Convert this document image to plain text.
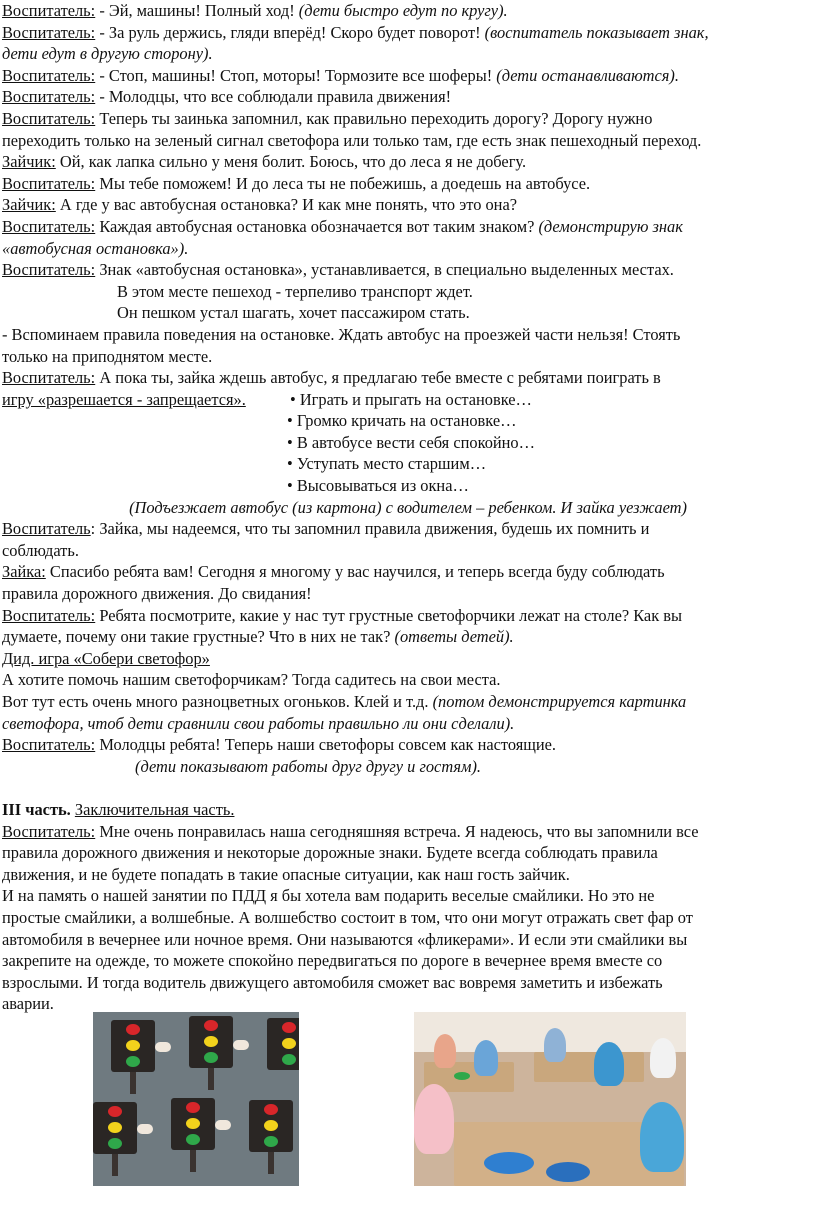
Воспитатель: - Эй, машины! Полный ход! (дети быстро едут по кругу).

Воспитатель: - За руль держись, гляди вперёд! Скоро будет поворот! (воспитатель показывает знак,

дети едут в другую сторону).

Воспитатель: - Стоп, машины! Стоп, моторы! Тормозите все шоферы! (дети останавливаются).

Воспитатель: - Молодцы, что все соблюдали правила движения!

Воспитатель: Теперь ты заинька запомнил, как правильно переходить дорогу? Дорогу нужно

переходить только на зеленый сигнал светофора или только там, где есть знак пешеходный переход.

Зайчик: Ой, как лапка сильно у меня болит. Боюсь, что до леса я не добегу.

Воспитатель: Мы тебе поможем! И до леса ты не побежишь, а доедешь на автобусе.

Зайчик: А где у вас автобусная остановка? И как мне понять, что это она?

Воспитатель: Каждая автобусная остановка обозначается вот таким знаком? (демонстрирую знак

«автобусная остановка»).

Воспитатель: Знак «автобусная остановка», устанавливается, в специально выделенных местах.

В этом месте пешеход - терпеливо транспорт ждет.

Он пешком устал шагать, хочет пассажиром стать.

- Вспоминаем правила поведения на остановке. Ждать автобус на проезжей части нельзя! Стоять

только на приподнятом месте.

Воспитатель: А пока ты, зайка ждешь автобус, я предлагаю тебе вместе с ребятами поиграть в

игру «разрешается - запрещается».	• Играть и прыгать на остановке…

• Громко кричать на остановке…

• В автобусе вести себя спокойно…

• Уступать место старшим…

• Высовываться из окна…

(Подъезжает автобус (из картона) с водителем – ребенком. И зайка уезжает)

Воспитатель: Зайка, мы надеемся, что ты запомнил правила движения, будешь их помнить и

соблюдать.

Зайка: Спасибо ребята вам! Сегодня я многому у вас научился, и теперь всегда буду соблюдать

правила дорожного движения. До свидания!

Воспитатель: Ребята посмотрите, какие у нас тут грустные светофорчики лежат на столе? Как вы

думаете, почему они такие грустные? Что в них не так? (ответы детей).

Дид. игра «Собери светофор»

А хотите помочь нашим светофорчикам? Тогда садитесь на свои места.

Вот тут есть очень много разноцветных огоньков. Клей и т.д. (потом демонстрируется картинка

светофора, чтоб дети сравнили свои работы правильно ли они сделали).

Воспитатель: Молодцы ребята! Теперь наши светофоры совсем как настоящие.

(дети показывают работы друг другу и гостям).

III часть. Заключительная часть.

Воспитатель: Мне очень понравилась наша сегодняшняя встреча. Я надеюсь, что вы запомнили все

правила дорожного движения и некоторые дорожные знаки. Будете всегда соблюдать правила

движения, и не будете попадать в такие опасные ситуации, как наш гость зайчик.

И на память о нашей занятии по ПДД я бы хотела вам подарить веселые смайлики. Но это не

простые смайлики, а волшебные. А волшебство состоит в том, что они могут отражать свет фар от

автомобиля в вечернее или ночное время. Они называются «фликерами». И если эти смайлики вы

закрепите на одежде, то можете спокойно передвигаться по дороге в вечернее время вместе со

взрослыми. И тогда водитель движущего автомобиля сможет вас вовремя заметить и избежать

аварии.
